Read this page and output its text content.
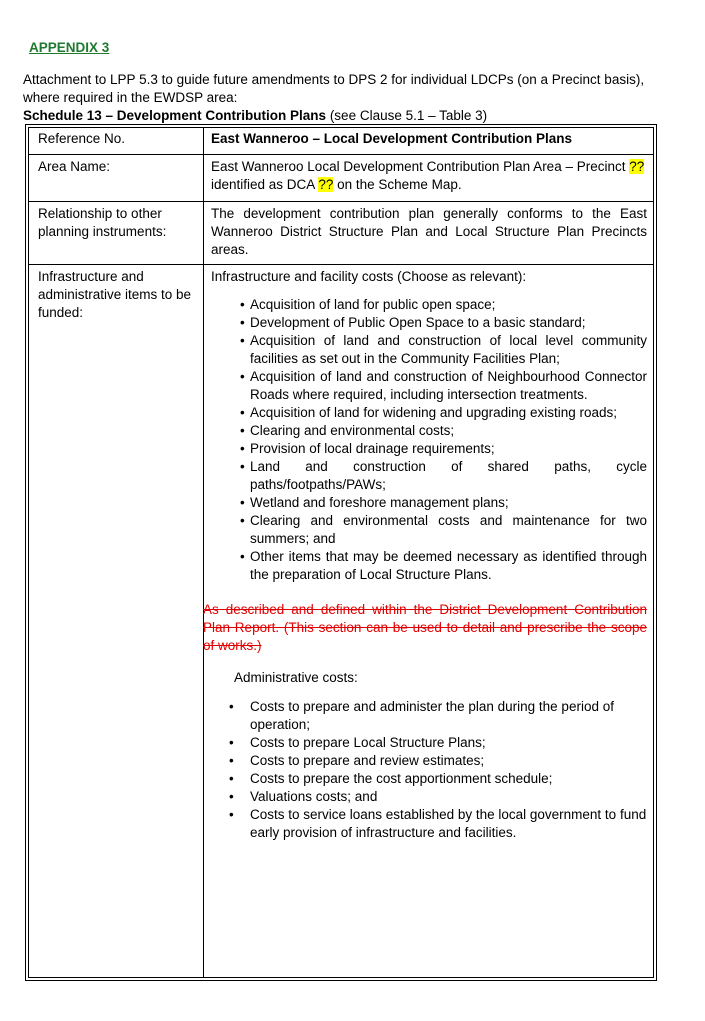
APPENDIX 3
Attachment to LPP 5.3 to guide future amendments to DPS 2 for individual LDCPs (on a Precinct basis), where required in the EWDSP area:
Schedule 13 – Development Contribution Plans (see Clause 5.1 – Table 3)
Reference No.	East Wanneroo – Local Development Contribution Plans
Area Name:	East Wanneroo Local Development Contribution Plan Area – Precinct ?? identified as DCA ?? on the Scheme Map.
Relationship to other planning instruments:
The development contribution plan generally conforms to the East Wanneroo District Structure Plan and Local Structure Plan Precincts areas.
Infrastructure and administrative items to be funded:
Infrastructure and facility costs (Choose as relevant):
• Acquisition of land for public open space;
• Development of Public Open Space to a basic standard;
• Acquisition of land and construction of local level community facilities as set out in the Community Facilities Plan;
• Acquisition of land and construction of Neighbourhood Connector Roads where required, including intersection treatments.
• Acquisition of land for widening and upgrading existing roads;
• Clearing and environmental costs;
• Provision of local drainage requirements;
• Land and construction of shared paths, cycle paths/footpaths/PAWs;
• Wetland and foreshore management plans;
• Clearing and environmental costs and maintenance for two summers; and
• Other items that may be deemed necessary as identified through the preparation of Local Structure Plans.
As described and defined within the District Development Contribution Plan Report. (This section can be used to detail and prescribe the scope of works.)
Administrative costs:
• Costs to prepare and administer the plan during the period of operation;
• Costs to prepare Local Structure Plans;
• Costs to prepare and review estimates;
• Costs to prepare the cost apportionment schedule;
• Valuations costs; and
• Costs to service loans established by the local government to fund early provision of infrastructure and facilities.
